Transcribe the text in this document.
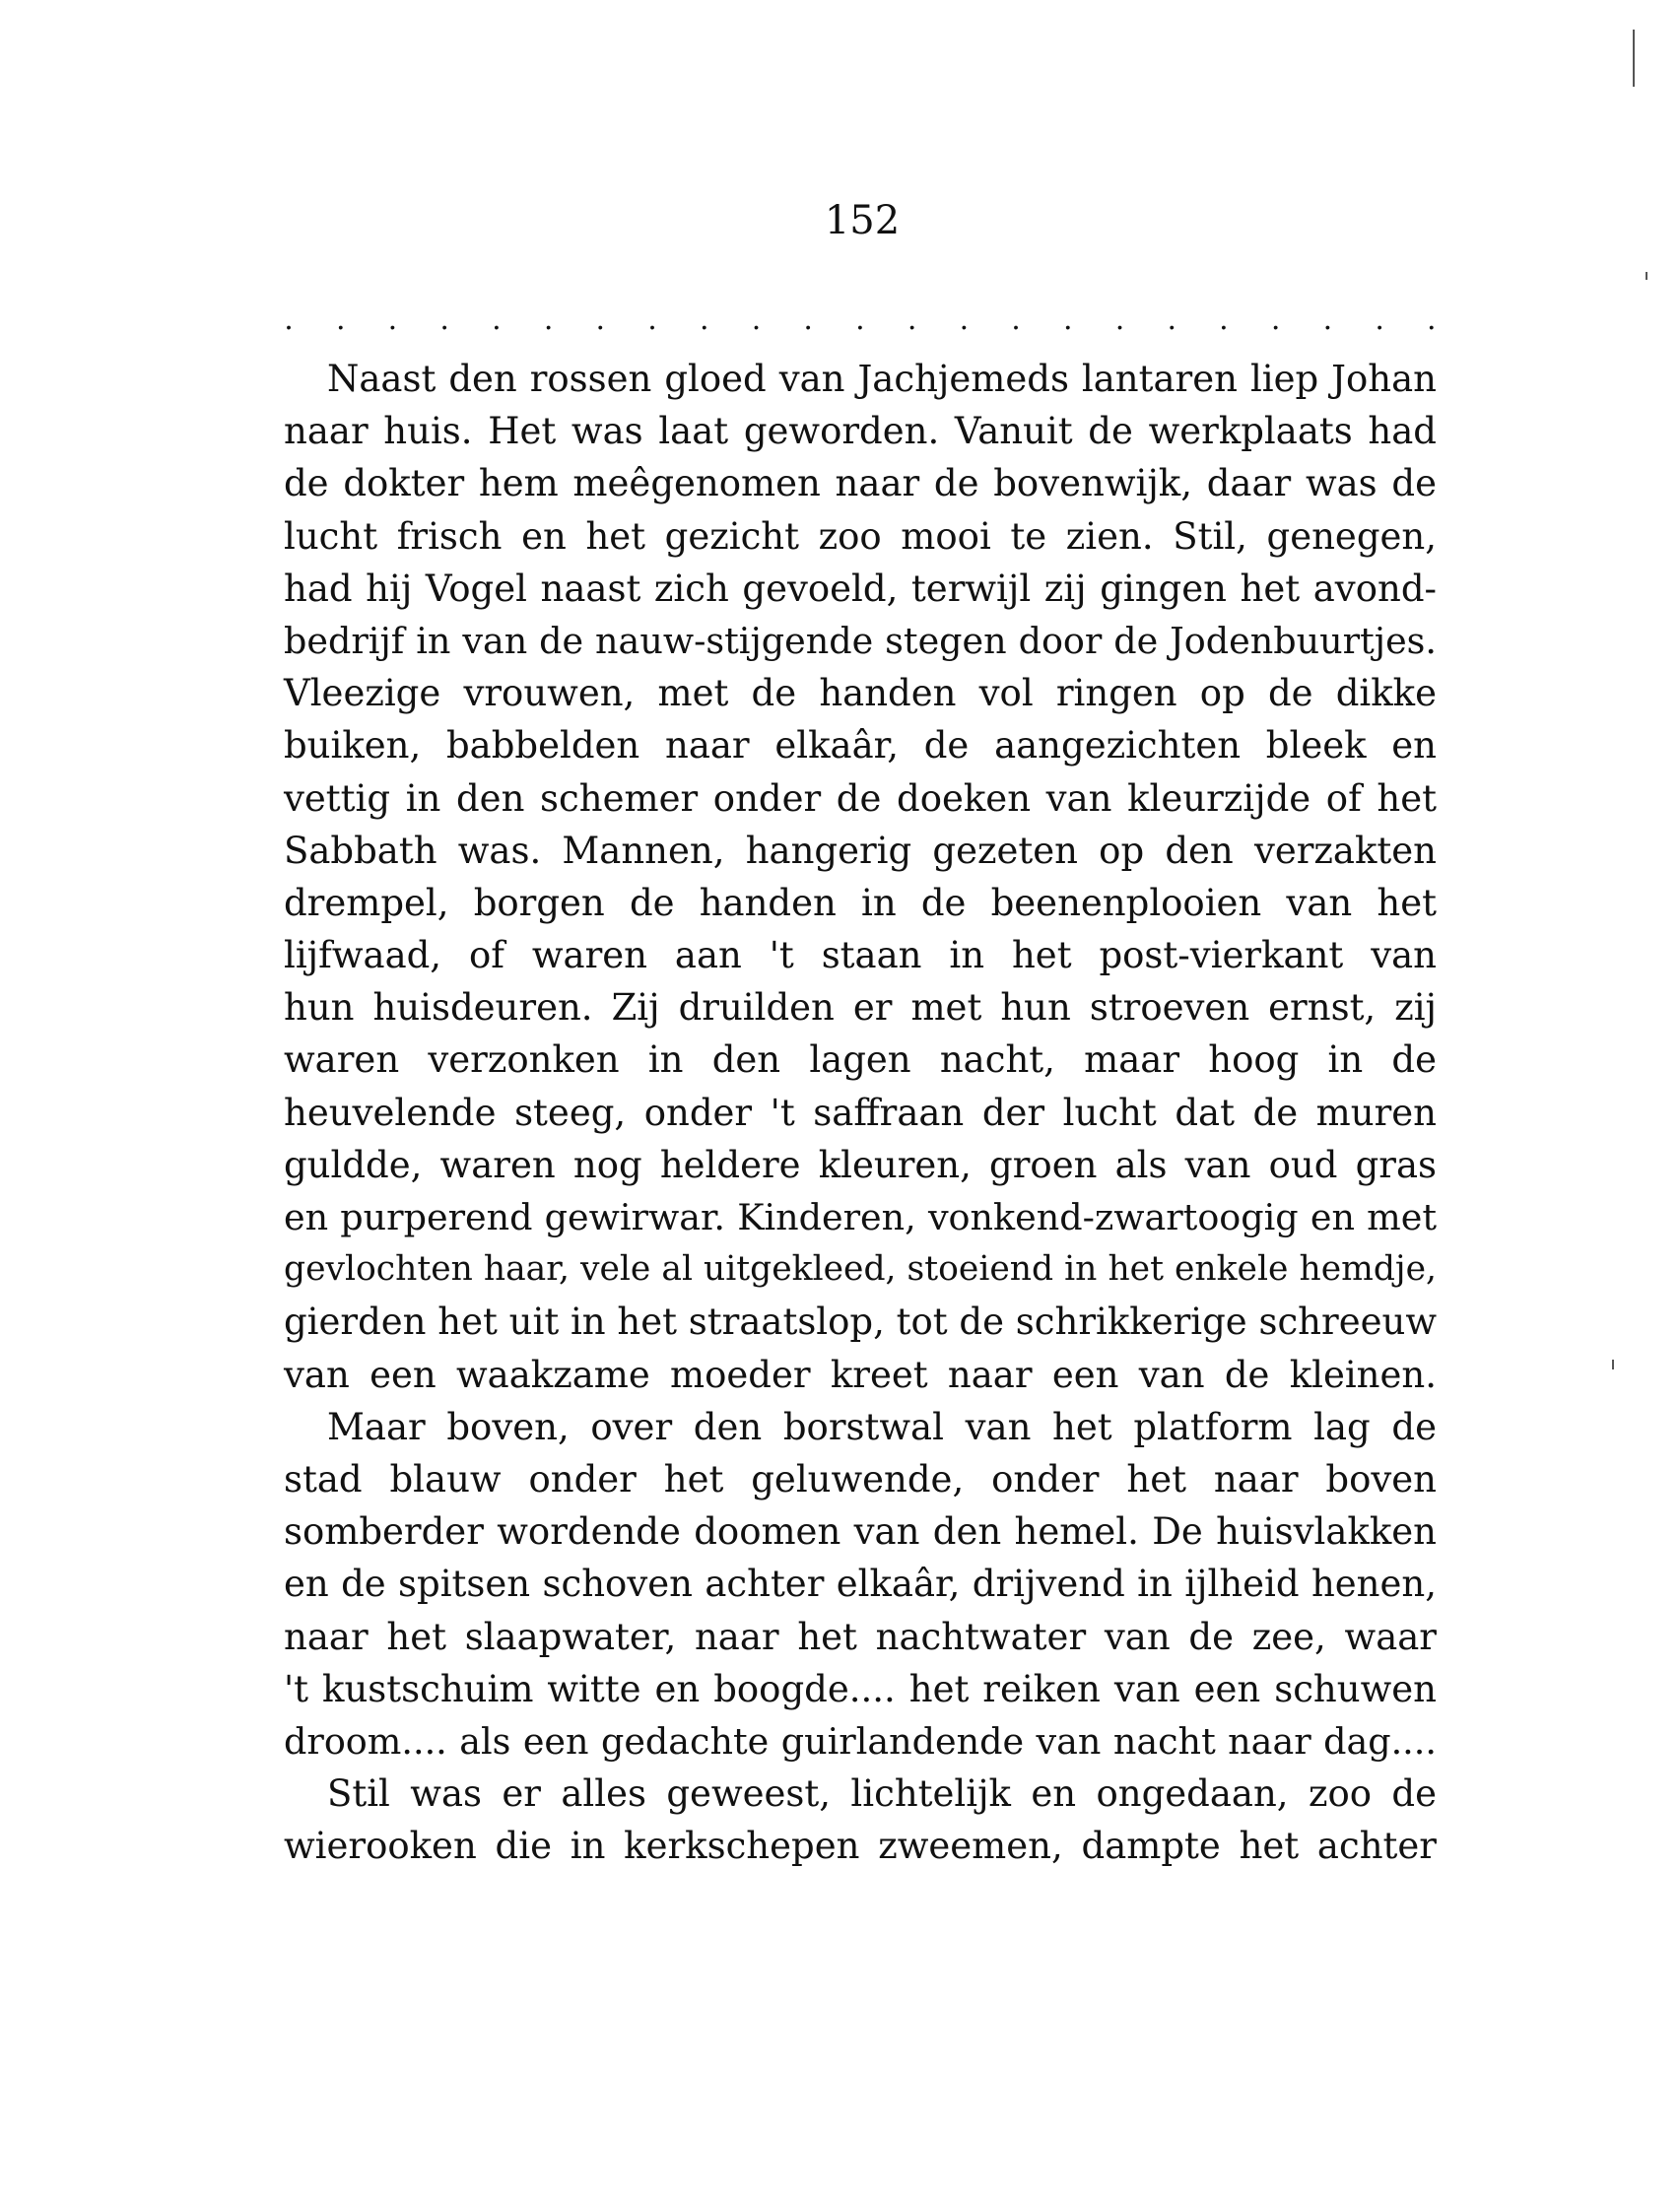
152
. . . . . . . . . . . . . . . . . . . . . . .
Naast den rossen gloed van Jachjemeds lantaren liep Johan
naar huis. Het was laat geworden. Vanuit de werkplaats had
de dokter hem meêgenomen naar de bovenwijk, daar was de
lucht frisch en het gezicht zoo mooi te zien. Stil, genegen,
had hij Vogel naast zich gevoeld, terwijl zij gingen het avond-
bedrijf in van de nauw-stijgende stegen door de Jodenbuurtjes.
Vleezige vrouwen, met de handen vol ringen op de dikke
buiken, babbelden naar elkaâr, de aangezichten bleek en
vettig in den schemer onder de doeken van kleurzijde of het
Sabbath was. Mannen, hangerig gezeten op den verzakten
drempel, borgen de handen in de beenenplooien van het
lijfwaad, of waren aan 't staan in het post-vierkant van
hun huisdeuren. Zij druilden er met hun stroeven ernst, zij
waren verzonken in den lagen nacht, maar hoog in de
heuvelende steeg, onder 't saffraan der lucht dat de muren
guldde, waren nog heldere kleuren, groen als van oud gras
en purperend gewirwar. Kinderen, vonkend-zwartoogig en met
gevlochten haar, vele al uitgekleed, stoeiend in het enkele hemdje,
gierden het uit in het straatslop, tot de schrikkerige schreeuw
van een waakzame moeder kreet naar een van de kleinen.
Maar boven, over den borstwal van het platform lag de
stad blauw onder het geluwende, onder het naar boven
somberder wordende doomen van den hemel. De huisvlakken
en de spitsen schoven achter elkaâr, drijvend in ijlheid henen,
naar het slaapwater, naar het nachtwater van de zee, waar
't kustschuim witte en boogde.... het reiken van een schuwen
droom.... als een gedachte guirlandende van nacht naar dag....
Stil was er alles geweest, lichtelijk en ongedaan, zoo de
wierooken die in kerkschepen zweemen, dampte het achter
